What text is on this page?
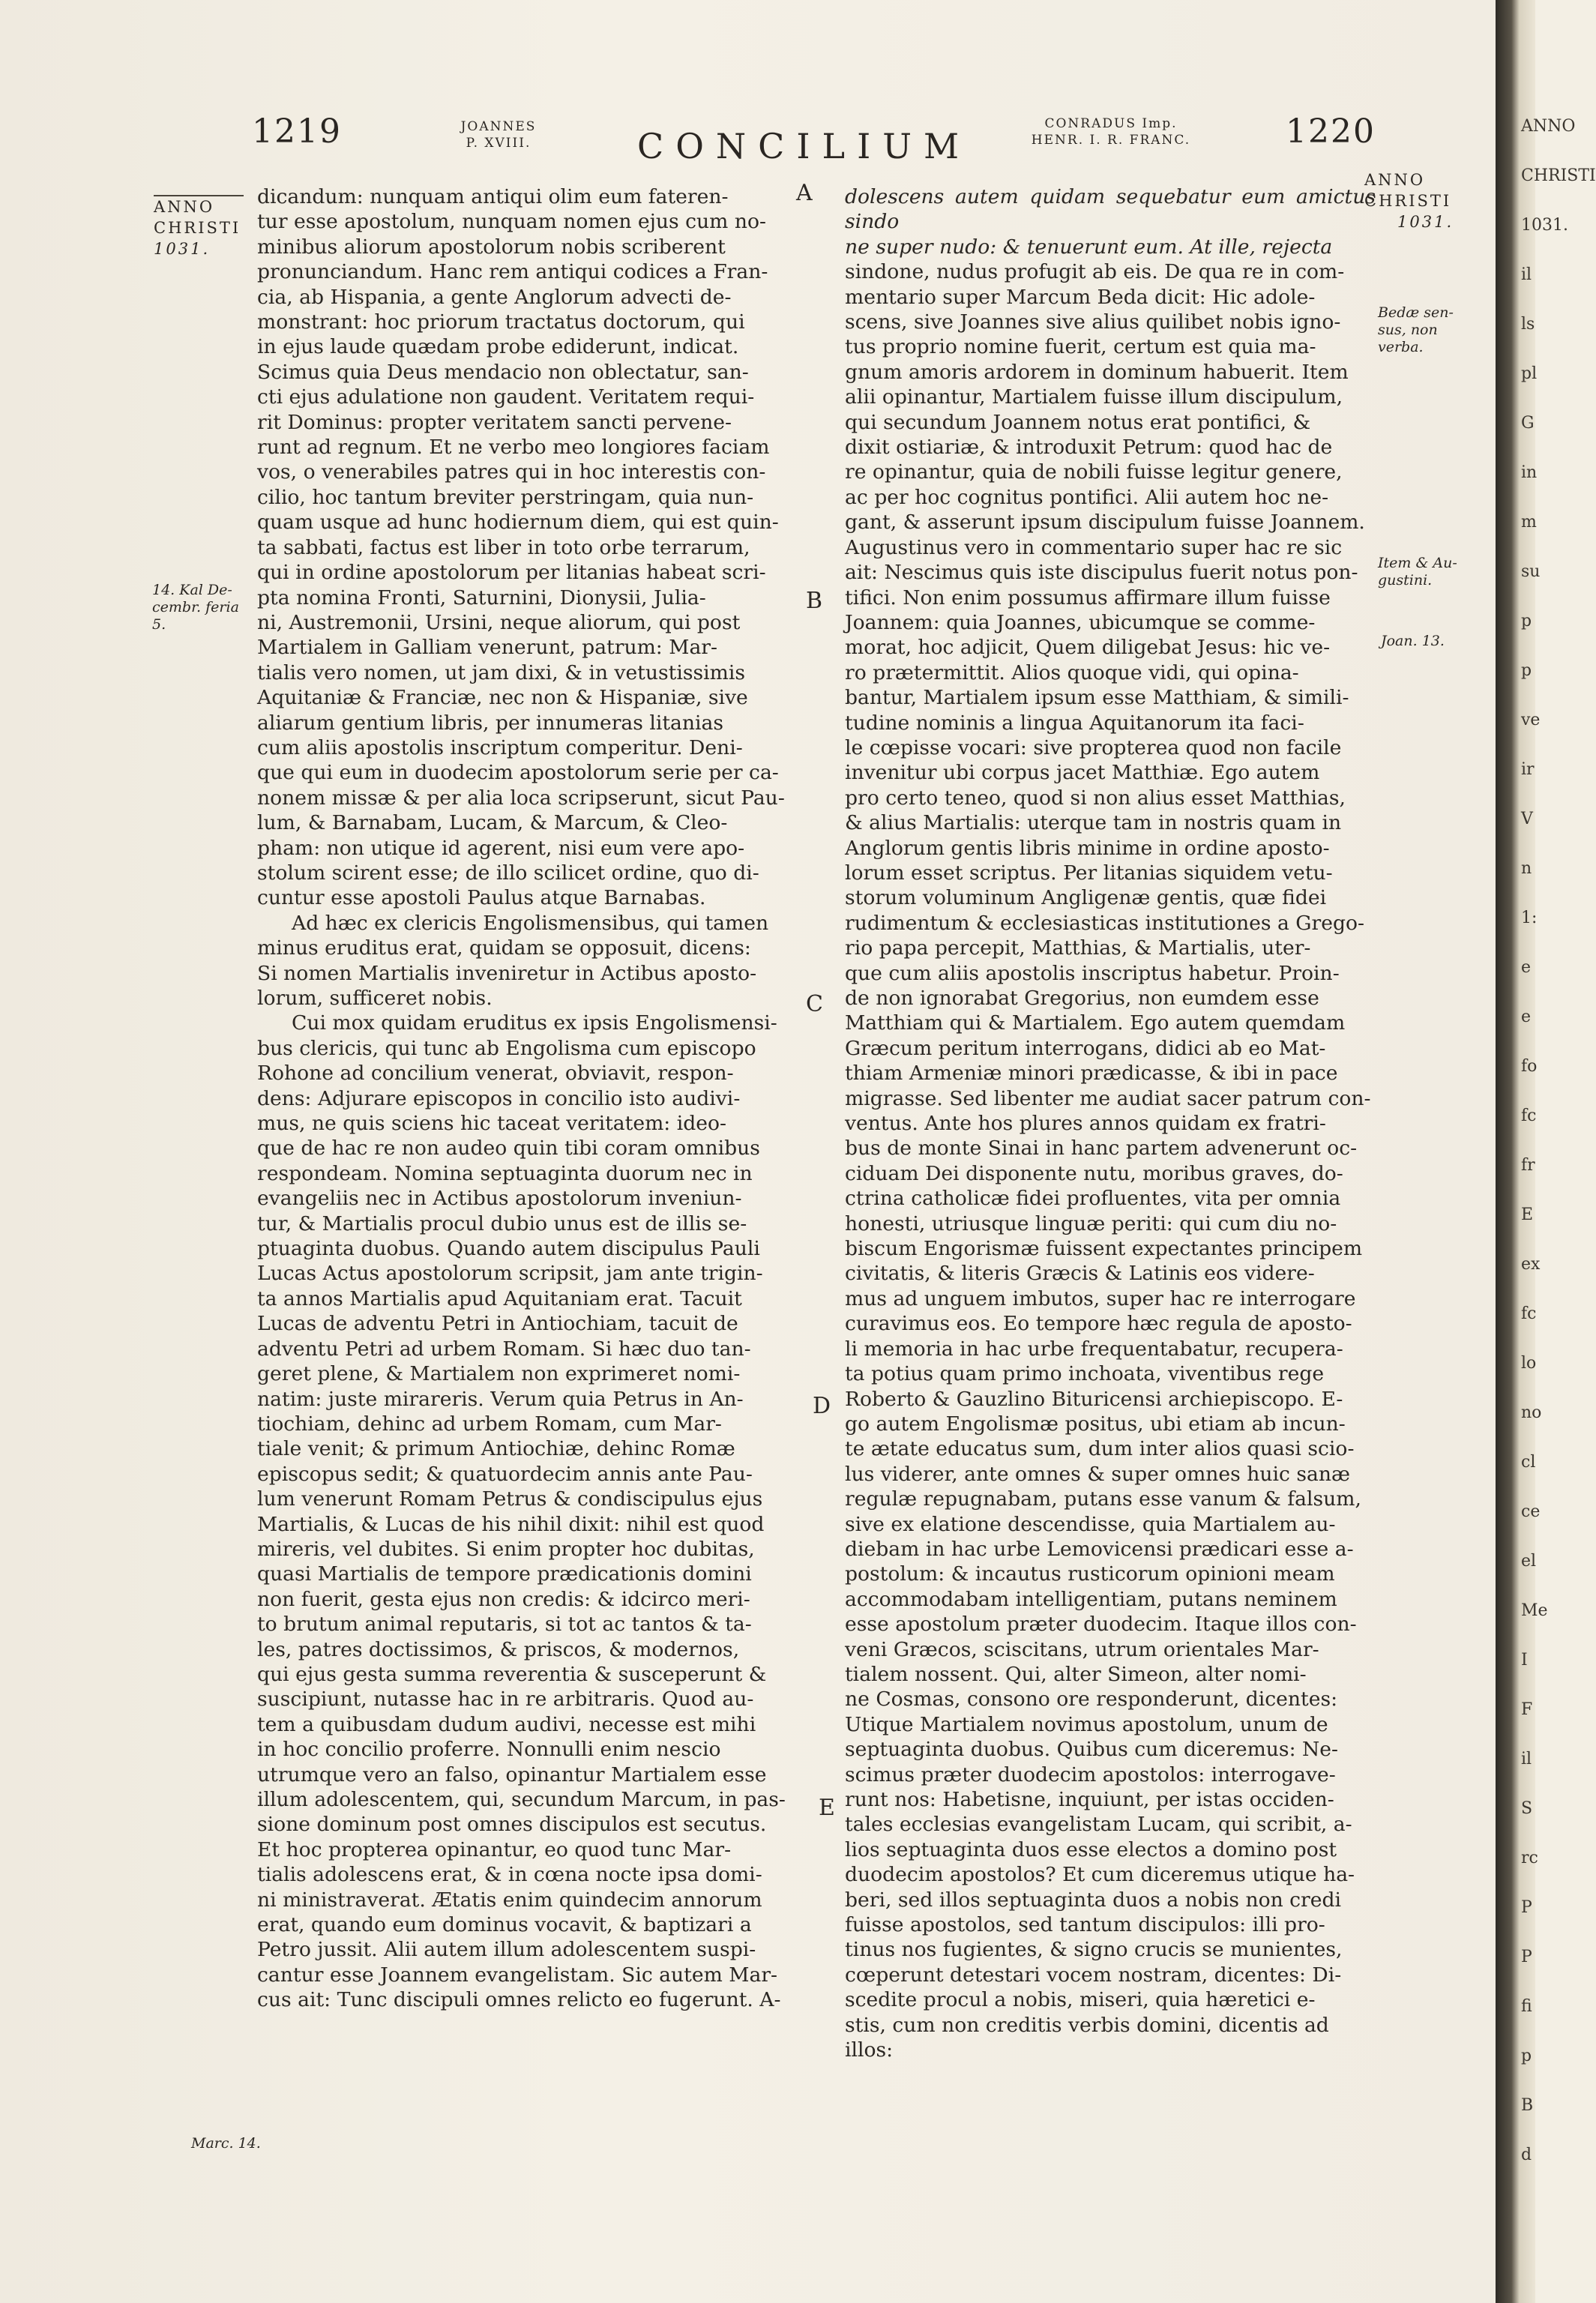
1219	JOANNES
P. XVIII.	CONCILIUM
CONRADUS Imp.
HENR. I. R. FRANC.	1220
ANNO
CHRISTI
1031.
14. Kal De-
cembr. feria
5.
Marc. 14.
A
B
C
D
E
ANNO
CHRISTI
1031.
Bedæ sen-
sus, non
verba.
Item & Au-
gustini.
Joan. 13.

dicandum: nunquam antiqui olim eum fateren-

tur esse apostolum, nunquam nomen ejus cum no-

minibus aliorum apostolorum nobis scriberent

pronunciandum. Hanc rem antiqui codices a Fran-

cia, ab Hispania, a gente Anglorum advecti de-

monstrant: hoc priorum tractatus doctorum, qui

in ejus laude quædam probe ediderunt, indicat.

Scimus quia Deus mendacio non oblectatur, san-

cti ejus adulatione non gaudent. Veritatem requi-

rit Dominus: propter veritatem sancti pervene-

runt ad regnum. Et ne verbo meo longiores faciam

vos, o venerabiles patres qui in hoc interestis con-

cilio, hoc tantum breviter perstringam, quia nun-

quam usque ad hunc hodiernum diem, qui est quin-

ta sabbati, factus est liber in toto orbe terrarum,

qui in ordine apostolorum per litanias habeat scri-

pta nomina Fronti, Saturnini, Dionysii, Juliа-

ni, Austremonii, Ursini, neque aliorum, qui post

Martialem in Galliam venerunt, patrum: Mar-

tialis vero nomen, ut jam dixi, & in vetustissimis

Aquitaniæ & Franciæ, nec non & Hispaniæ, sive

aliarum gentium libris, per innumeras litanias

cum aliis apostolis inscriptum comperitur. Deni-

que qui eum in duodecim apostolorum serie per ca-

nonem missæ & per alia loca scripserunt, sicut Pau-

lum, & Barnabam, Lucam, & Marcum, & Cleo-

pham: non utique id agerent, nisi eum vere apo-

stolum scirent esse; de illo scilicet ordine, quo di-

cuntur esse apostoli Paulus atque Barnabas.

Ad hæc ex clericis Engolismensibus, qui tamen

minus eruditus erat, quidam se opposuit, dicens:

Si nomen Martialis inveniretur in Actibus aposto-

lorum, sufficeret nobis.

Cui mox quidam eruditus ex ipsis Engolismensi-

bus clericis, qui tunc ab Engolisma cum episcopo

Rohone ad concilium venerat, obviavit, respon-

dens: Adjurare episcopos in concilio isto audivi-

mus, ne quis sciens hic taceat veritatem: ideo-

que de hac re non audeo quin tibi coram omnibus

respondeam. Nomina septuaginta duorum nec in

evangeliis nec in Actibus apostolorum inveniun-

tur, & Martialis procul dubio unus est de illis se-

ptuaginta duobus. Quando autem discipulus Pauli

Lucas Actus apostolorum scripsit, jam ante trigin-

ta annos Martialis apud Aquitaniam erat. Tacuit

Lucas de adventu Petri in Antiochiam, tacuit de

adventu Petri ad urbem Romam. Si hæc duo tan-

geret plene, & Martialem non exprimeret nomi-

natim: juste mirareris. Verum quia Petrus in An-

tiochiam, dehinc ad urbem Romam, cum Mar-

tiale venit; & primum Antiochiæ, dehinc Romæ

episcopus sedit; & quatuordecim annis ante Pau-

lum venerunt Romam Petrus & condiscipulus ejus

Martialis, & Lucas de his nihil dixit: nihil est quod

mireris, vel dubites. Si enim propter hoc dubitas,

quasi Martialis de tempore prædicationis domini

non fuerit, gesta ejus non credis: & idcirco meri-

to brutum animal reputaris, si tot ac tantos & ta-

les, patres doctissimos, & priscos, & modernos,

qui ejus gesta summa reverentia & susceperunt &

suscipiunt, nutasse hac in re arbitraris. Quod au-

tem a quibusdam dudum audivi, necesse est mihi

in hoc concilio proferre. Nonnulli enim nescio

utrumque vero an falso, opinantur Martialem esse

illum adolescentem, qui, secundum Marcum, in pas-

sione dominum post omnes discipulos est secutus.

Et hoc propterea opinantur, eo quod tunc Mar-

tialis adolescens erat, & in cœna nocte ipsa domi-

ni ministraverat. Ætatis enim quindecim annorum

erat, quando eum dominus vocavit, & baptizari a

Petro jussit. Alii autem illum adolescentem suspi-

cantur esse Joannem evangelistam. Sic autem Mar-

cus ait: Tunc discipuli omnes relicto eo fugerunt. A-

dolescens autem quidam sequebatur eum amictus sindo

ne super nudo: & tenuerunt eum. At ille, rejecta

sindone, nudus profugit ab eis. De qua re in com-

mentario super Marcum Beda dicit: Hic adole-

scens, sive Joannes sive alius quilibet nobis igno-

tus proprio nomine fuerit, certum est quia ma-

gnum amoris ardorem in dominum habuerit. Item

alii opinantur, Martialem fuisse illum discipulum,

qui secundum Joannem notus erat pontifici, &

dixit ostiariæ, & introduxit Petrum: quod hac de

re opinantur, quia de nobili fuisse legitur genere,

ac per hoc cognitus pontifici. Alii autem hoc ne-

gant, & asserunt ipsum discipulum fuisse Joannem.

Augustinus vero in commentario super hac re sic

ait: Nescimus quis iste discipulus fuerit notus pon-

tifici. Non enim possumus affirmare illum fuisse

Joannem: quia Joannes, ubicumque se comme-

morat, hoc adjicit, Quem diligebat Jesus: hic ve-

ro prætermittit. Alios quoque vidi, qui opina-

bantur, Martialem ipsum esse Matthiam, & simili-

tudine nominis a lingua Aquitanorum ita faci-

le cœpisse vocari: sive propterea quod non facile

invenitur ubi corpus jacet Matthiæ. Ego autem

pro certo teneo, quod si non alius esset Matthias,

& alius Martialis: uterque tam in nostris quam in

Anglorum gentis libris minime in ordine aposto-

lorum esset scriptus. Per litanias siquidem vetu-

storum voluminum Angligenæ gentis, quæ fidei

rudimentum & ecclesiasticas institutiones a Grego-

rio papa percepit, Matthias, & Martialis, uter-

que cum aliis apostolis inscriptus habetur. Proin-

de non ignorabat Gregorius, non eumdem esse

Matthiam qui & Martialem. Ego autem quemdam

Græcum peritum interrogans, didici ab eo Mat-

thiam Armeniæ minori prædicasse, & ibi in pace

migrasse. Sed libenter me audiat sacer patrum con-

ventus. Ante hos plures annos quidam ex fratri-

bus de monte Sinai in hanc partem advenerunt oc-

ciduam Dei disponente nutu, moribus graves, do-

ctrina catholicæ fidei profluentes, vita per omnia

honesti, utriusque linguæ periti: qui cum diu no-

biscum Engorismæ fuissent expectantes principem

civitatis, & literis Græcis & Latinis eos videre-

mus ad unguem imbutos, super hac re interrogare

curavimus eos. Eo tempore hæc regula de aposto-

li memoria in hac urbe frequentabatur, recupera-

ta potius quam primo inchoata, viventibus rege

Roberto & Gauzlino Bituricensi archiepiscopo. E-

go autem Engolismæ positus, ubi etiam ab incun-

te ætate educatus sum, dum inter alios quasi scio-

lus viderer, ante omnes & super omnes huic sanæ

regulæ repugnabam, putans esse vanum & falsum,

sive ex elatione descendisse, quia Martialem au-

diebam in hac urbe Lemovicensi prædicari esse a-

postolum: & incautus rusticorum opinioni meam

accommodabam intelligentiam, putans neminem

esse apostolum præter duodecim. Itaque illos con-

veni Græcos, sciscitans, utrum orientales Mar-

tialem nossent. Qui, alter Simeon, alter nomi-

ne Cosmas, consono ore responderunt, dicentes:

Utique Martialem novimus apostolum, unum de

septuaginta duobus. Quibus cum diceremus: Ne-

scimus præter duodecim apostolos: interrogave-

runt nos: Habetisne, inquiunt, per istas occiden-

tales ecclesias evangelistam Lucam, qui scribit, a-

lios septuaginta duos esse electos a domino post

duodecim apostolos? Et cum diceremus utique ha-

beri, sed illos septuaginta duos a nobis non credi

fuisse apostolos, sed tantum discipulos: illi pro-

tinus nos fugientes, & signo crucis se munientes,

cœperunt detestari vocem nostram, dicentes: Di-

scedite procul a nobis, miseri, quia hæretici e-

stis, cum non creditis verbis domini, dicentis ad

illos:

ANNO
CHRISTI
1031.
il
ls
pl
G
in
m
su
p
p
ve
ir
V
n
1:
e
e
fo
fc
fr
E
ex
fc
lo
no
cl
ce
el
Me
I
F
il
S
rc
P
P
fi
p
B
d
